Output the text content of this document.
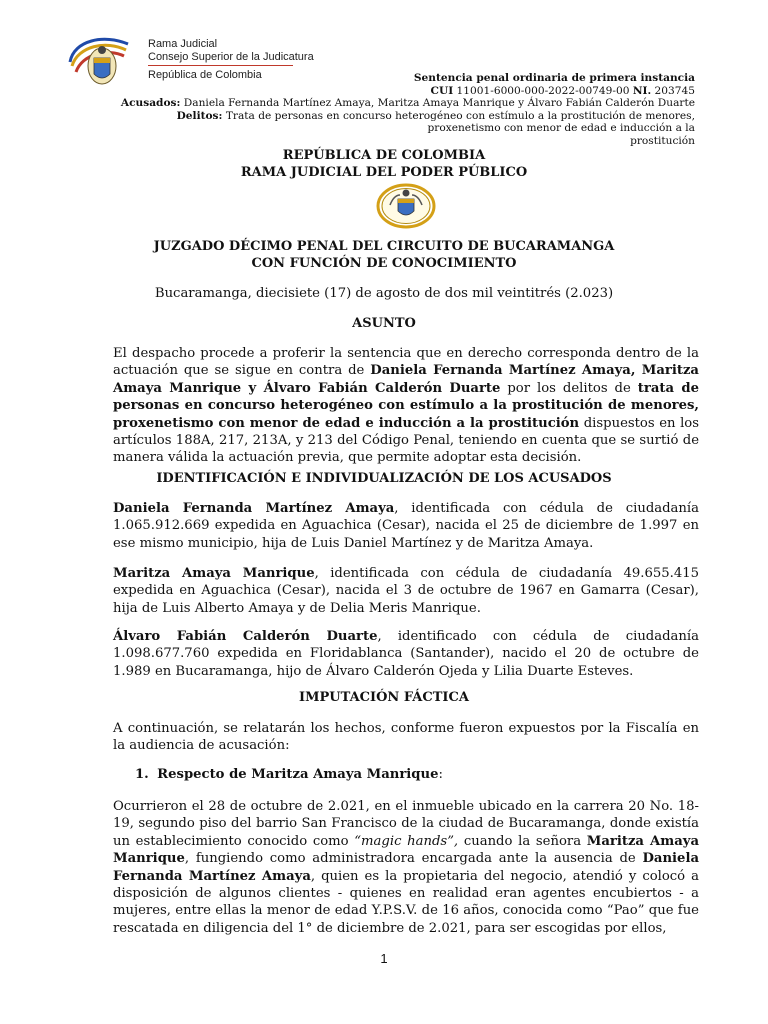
Rama Judicial
Consejo Superior de la Judicatura
República de Colombia	Sentencia penal ordinaria de primera instancia
CUI 11001-6000-000-2022-00749-00 NI. 203745
Acusados: Daniela Fernanda Martínez Amaya, Maritza Amaya Manrique y Álvaro Fabián Calderón Duarte
Delitos: Trata de personas en concurso heterogéneo con estímulo a la prostitución de menores,
proxenetismo con menor de edad e inducción a la
prostitución
REPÚBLICA DE COLOMBIA
RAMA JUDICIAL DEL PODER PÚBLICO
JUZGADO DÉCIMO PENAL DEL CIRCUITO DE BUCARAMANGA
CON FUNCIÓN DE CONOCIMIENTO
Bucaramanga, diecisiete (17) de agosto de dos mil veintitrés (2.023)
ASUNTO
El despacho procede a proferir la sentencia que en derecho corresponda dentro de la actuación que se sigue en contra de Daniela Fernanda Martínez Amaya, Maritza Amaya Manrique y Álvaro Fabián Calderón Duarte por los delitos de trata de personas en concurso heterogéneo con estímulo a la prostitución de menores, proxenetismo con menor de edad e inducción a la prostitución dispuestos en los artículos 188A, 217, 213A, y 213 del Código Penal, teniendo en cuenta que se surtió de manera válida la actuación previa, que permite adoptar esta decisión.
IDENTIFICACIÓN E INDIVIDUALIZACIÓN DE LOS ACUSADOS
Daniela Fernanda Martínez Amaya, identificada con cédula de ciudadanía 1.065.912.669 expedida en Aguachica (Cesar), nacida el 25 de diciembre de 1.997 en ese mismo municipio, hija de Luis Daniel Martínez y de Maritza Amaya.
Maritza Amaya Manrique, identificada con cédula de ciudadanía 49.655.415 expedida en Aguachica (Cesar), nacida el 3 de octubre de 1967 en Gamarra (Cesar), hija de Luis Alberto Amaya y de Delia Meris Manrique.
Álvaro Fabián Calderón Duarte, identificado con cédula de ciudadanía 1.098.677.760 expedida en Floridablanca (Santander), nacido el 20 de octubre de 1.989 en Bucaramanga, hijo de Álvaro Calderón Ojeda y Lilia Duarte Esteves.
IMPUTACIÓN FÁCTICA
A continuación, se relatarán los hechos, conforme fueron expuestos por la Fiscalía en la audiencia de acusación:
1. Respecto de Maritza Amaya Manrique:
Ocurrieron el 28 de octubre de 2.021, en el inmueble ubicado en la carrera 20 No. 18-19, segundo piso del barrio San Francisco de la ciudad de Bucaramanga, donde existía un establecimiento conocido como “magic hands”, cuando la señora Maritza Amaya Manrique, fungiendo como administradora encargada ante la ausencia de Daniela Fernanda Martínez Amaya, quien es la propietaria del negocio, atendió y colocó a disposición de algunos clientes - quienes en realidad eran agentes encubiertos - a mujeres, entre ellas la menor de edad Y.P.S.V. de 16 años, conocida como “Pao” que fue rescatada en diligencia del 1° de diciembre de 2.021, para ser escogidas por ellos,
1
